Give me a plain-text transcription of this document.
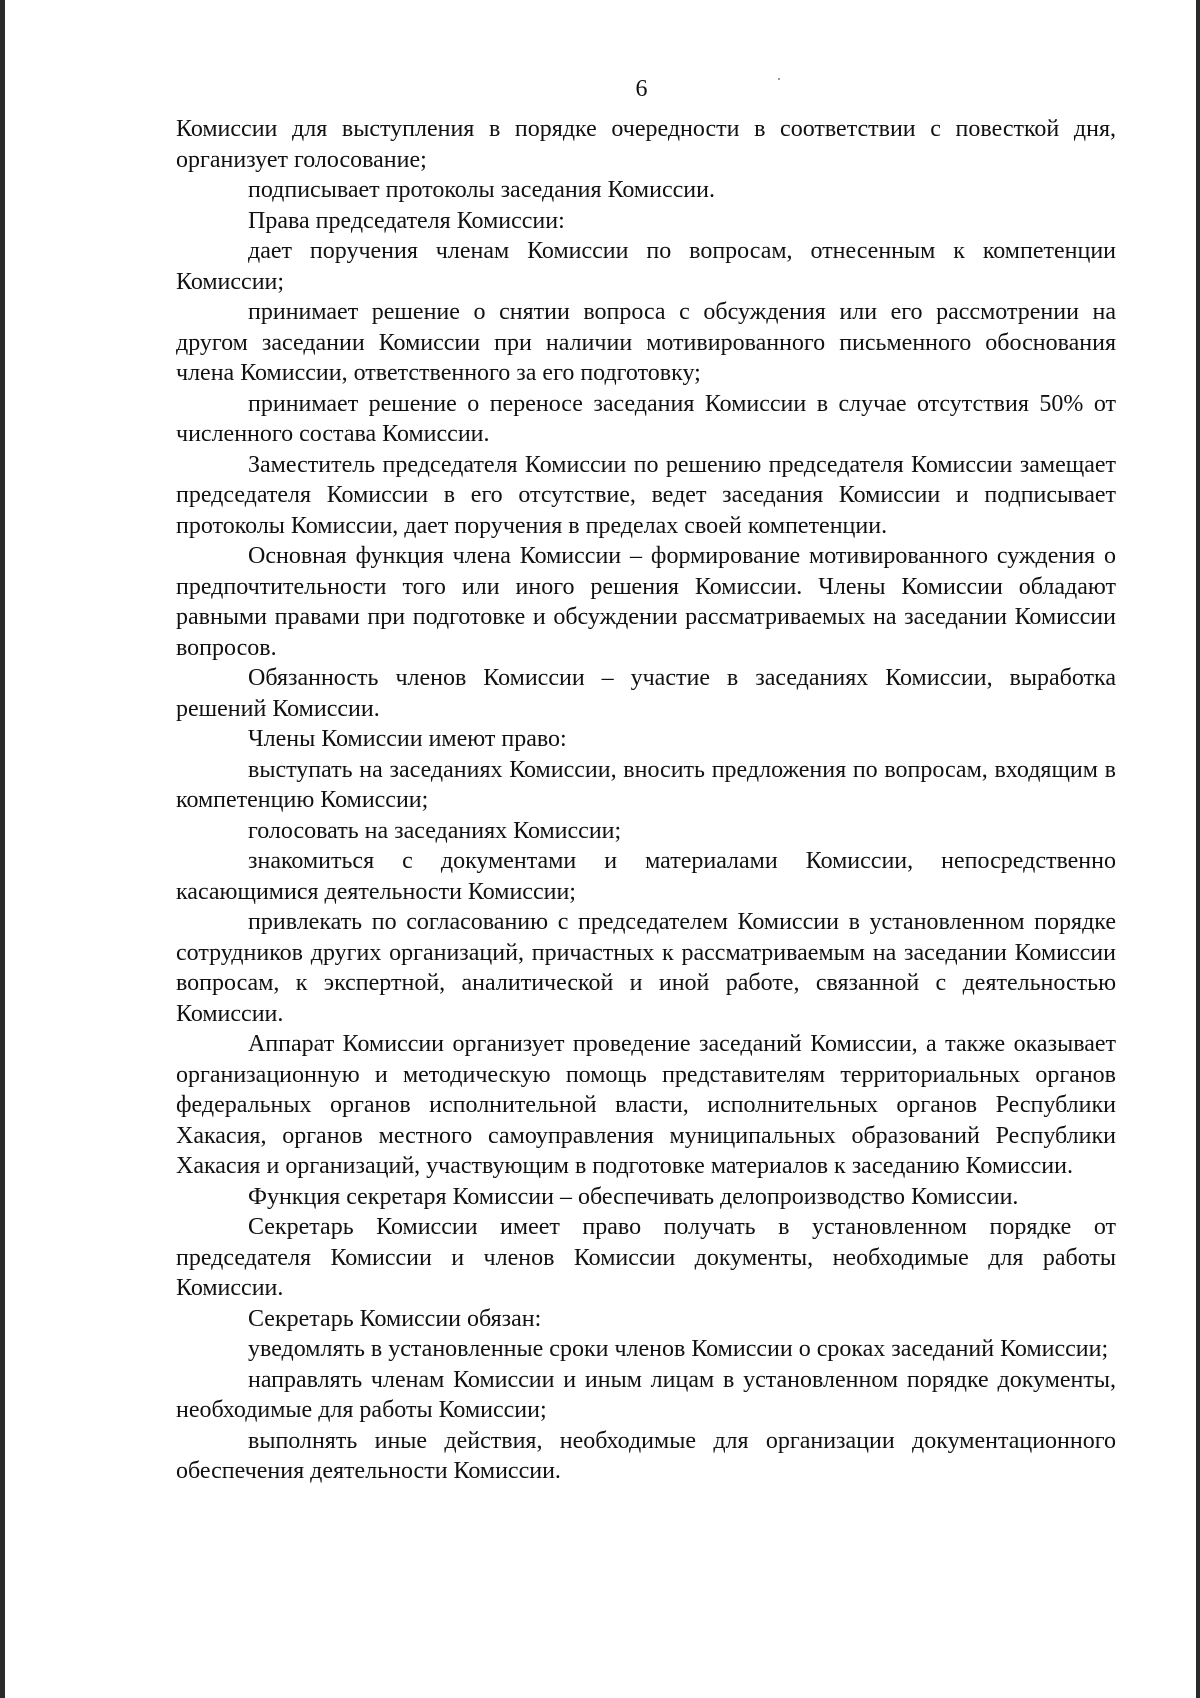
6

Комиссии для выступления в порядке очередности в соответствии с повесткой дня, организует голосование;

подписывает протоколы заседания Комиссии.

Права председателя Комиссии:

дает поручения членам Комиссии по вопросам, отнесенным к компетенции Комиссии;

принимает решение о снятии вопроса с обсуждения или его рассмотрении на другом заседании Комиссии при наличии мотивированного письменного обоснования члена Комиссии, ответственного за его подготовку;

принимает решение о переносе заседания Комиссии в случае отсутствия 50% от численного состава Комиссии.

Заместитель председателя Комиссии по решению председателя Комиссии замещает председателя Комиссии в его отсутствие, ведет заседания Комиссии и подписывает протоколы Комиссии, дает поручения в пределах своей компетенции.

Основная функция члена Комиссии – формирование мотивированного суждения о предпочтительности того или иного решения Комиссии. Члены Комиссии обладают равными правами при подготовке и обсуждении рассматриваемых на заседании Комиссии вопросов.

Обязанность членов Комиссии – участие в заседаниях Комиссии, выработка решений Комиссии.

Члены Комиссии имеют право:

выступать на заседаниях Комиссии, вносить предложения по вопросам, входящим в компетенцию Комиссии;

голосовать на заседаниях Комиссии;

знакомиться с документами и материалами Комиссии, непосредственно касающимися деятельности Комиссии;

привлекать по согласованию с председателем Комиссии в установленном порядке сотрудников других организаций, причастных к рассматриваемым на заседании Комиссии вопросам, к экспертной, аналитической и иной работе, связанной с деятельностью Комиссии.

Аппарат Комиссии организует проведение заседаний Комиссии, а также оказывает организационную и методическую помощь представителям территориальных органов федеральных органов исполнительной власти, исполнительных органов Республики Хакасия, органов местного самоуправления муниципальных образований Республики Хакасия и организаций, участвующим в подготовке материалов к заседанию Комиссии.

Функция секретаря Комиссии – обеспечивать делопроизводство Комиссии.

Секретарь Комиссии имеет право получать в установленном порядке от председателя Комиссии и членов Комиссии документы, необходимые для работы Комиссии.

Секретарь Комиссии обязан:

уведомлять в установленные сроки членов Комиссии о сроках заседаний Комиссии;

направлять членам Комиссии и иным лицам в установленном порядке документы, необходимые для работы Комиссии;

выполнять иные действия, необходимые для организации документационного обеспечения деятельности Комиссии.
